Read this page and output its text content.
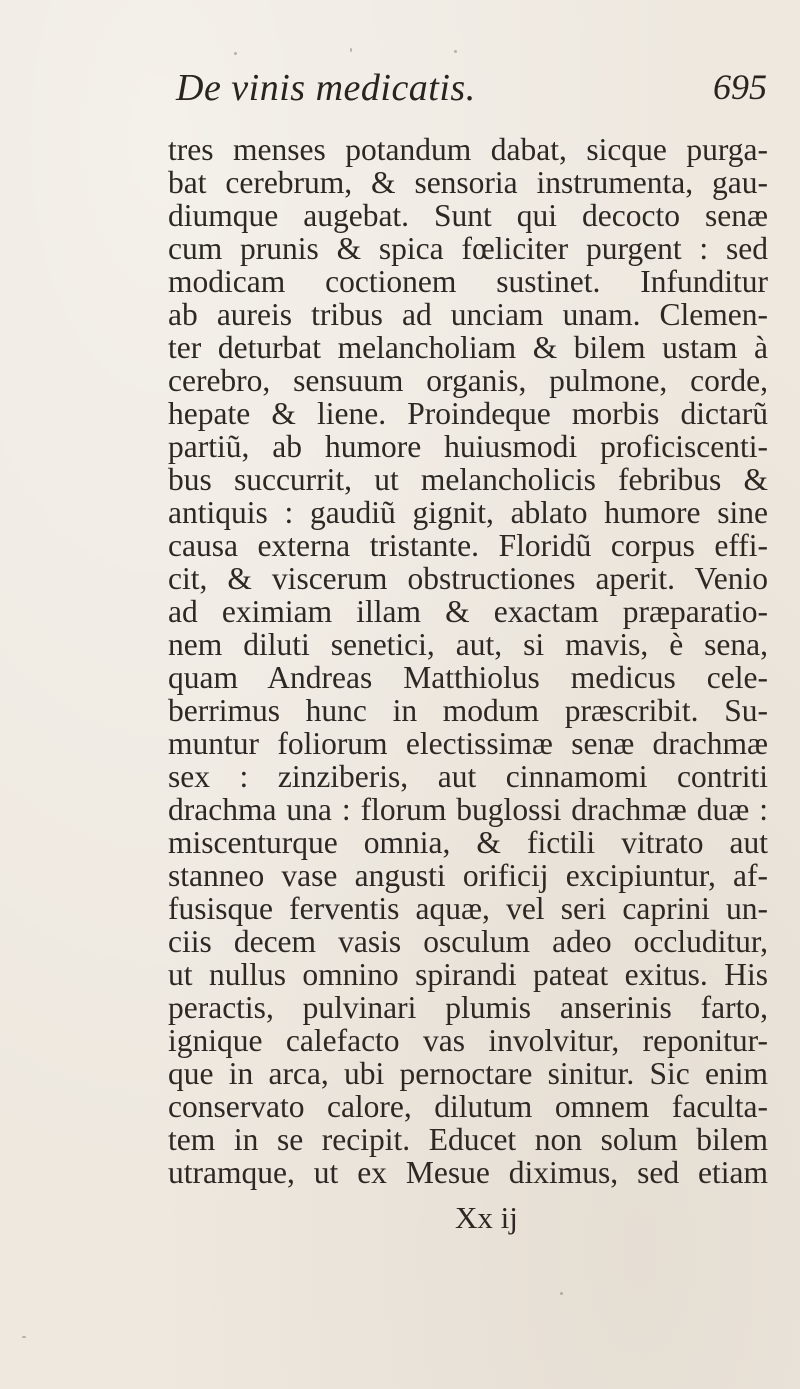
De vinis medicatis.	695
tres menses potandum dabat, sicque purga-
bat cerebrum, & sensoria instrumenta, gau-
diumque augebat. Sunt qui decocto senæ
cum prunis & spica fœliciter purgent : sed
modicam coctionem sustinet. Infunditur
ab aureis tribus ad unciam unam. Clemen-
ter deturbat melancholiam & bilem ustam à
cerebro, sensuum organis, pulmone, corde,
hepate & liene. Proindeque morbis dictarũ
partiũ, ab humore huiusmodi proficiscenti-
bus succurrit, ut melancholicis febribus &
antiquis : gaudiũ gignit, ablato humore sine
causa externa tristante. Floridũ corpus effi-
cit, & viscerum obstructiones aperit. Venio
ad eximiam illam & exactam præparatio-
nem diluti senetici, aut, si mavis, è sena,
quam Andreas Matthiolus medicus cele-
berrimus hunc in modum præscribit. Su-
muntur foliorum electissimæ senæ drachmæ
sex : zinziberis, aut cinnamomi contriti
drachma una : florum buglossi drachmæ duæ :
miscenturque omnia, & fictili vitrato aut
stanneo vase angusti orificij excipiuntur, af-
fusisque ferventis aquæ, vel seri caprini un-
ciis decem vasis osculum adeo occluditur,
ut nullus omnino spirandi pateat exitus. His
peractis, pulvinari plumis anserinis farto,
ignique calefacto vas involvitur, reponitur-
que in arca, ubi pernoctare sinitur. Sic enim
conservato calore, dilutum omnem faculta-
tem in se recipit. Educet non solum bilem
utramque, ut ex Mesue diximus, sed etiam
Xx ij
